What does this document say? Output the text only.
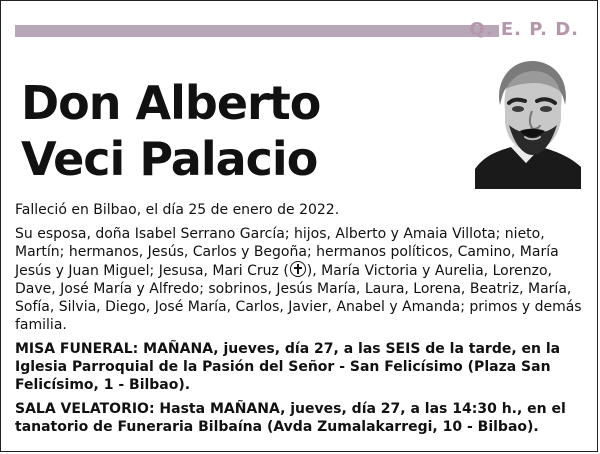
Q. E. P. D.
Don Alberto
Veci Palacio

Falleció en Bilbao, el día 25 de enero de 2022.

Su esposa, doña Isabel Serrano García; hijos, Alberto y Amaia Villota; nieto, Martín; hermanos, Jesús, Carlos y Begoña; hermanos políticos, Camino, María Jesús y Juan Miguel; Jesusa, Mari Cruz ( ), María Victoria y Aurelia, Lorenzo, Dave, José María y Alfredo; sobrinos, Jesús María, Laura, Lorena, Beatriz, María, Sofía, Silvia, Diego, José María, Carlos, Javier, Anabel y Amanda; primos y demás familia.

MISA FUNERAL: MAÑANA, jueves, día 27, a las SEIS de la tarde, en la Iglesia Parroquial de la Pasión del Señor - San Felicísimo (Plaza San Felicísimo, 1 - Bilbao).

SALA VELATORIO: Hasta MAÑANA, jueves, día 27, a las 14:30 h., en el tanatorio de Funeraria Bilbaína (Avda Zumalakarregi, 10 - Bilbao).
